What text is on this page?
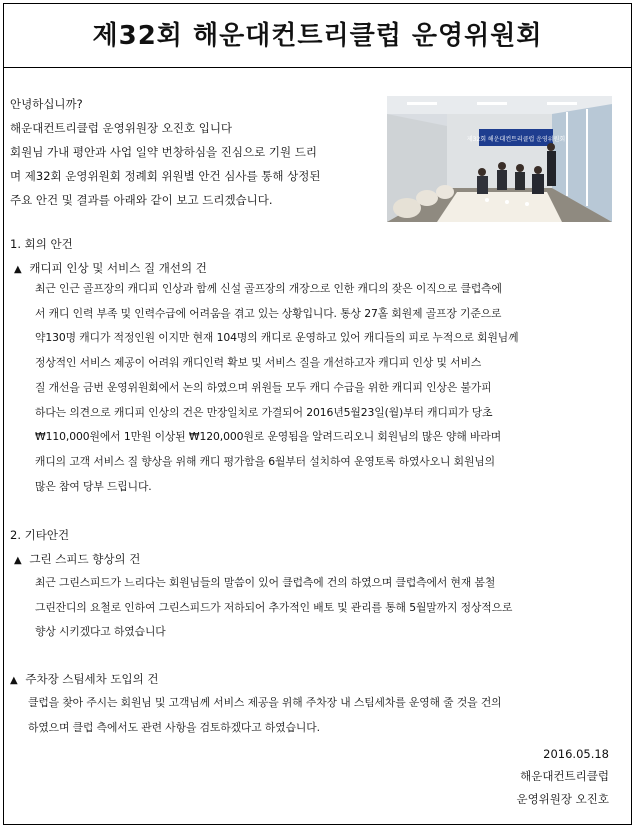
제32회 해운대컨트리클럽 운영위원회
안녕하십니까?
해운대컨트리클럽 운영위원장 오진호 입니다
회원님 가내 평안과 사업 일약 번창하심을 진심으로 기원 드리
며 제32회 운영위원회 정례회 위원별 안건 심사를 통해 상정된
주요 안건 및 결과를 아래와 같이 보고 드리겠습니다.
제32회 해운대컨트리클럽 운영위원회
1. 회의 안건
▲ 캐디피 인상 및 서비스 질 개선의 건
최근 인근 골프장의 캐디피 인상과 함께 신설 골프장의 개장으로 인한 캐디의 잦은 이직으로 클럽측에
서 캐디 인력 부족 및 인력수급에 어려움을 겪고 있는 상황입니다. 통상 27홀 회원제 골프장 기준으로
약130명 캐디가 적정인원 이지만 현재 104명의 캐디로 운영하고 있어 캐디들의 피로 누적으로 회원님께
정상적인 서비스 제공이 어려워 캐디인력 확보 및 서비스 질을 개선하고자 캐디피 인상 및 서비스
질 개선을 금번 운영위원회에서 논의 하였으며 위원들 모두 캐디 수급을 위한 캐디피 인상은 불가피
하다는 의견으로 캐디피 인상의 건은 만장일치로 가결되어 2016년5월23일(월)부터 캐디피가 당초
₩110,000원에서 1만원 이상된 ₩120,000원로 운영됨을 알려드리오니 회원님의 많은 양해 바라며
캐디의 고객 서비스 질 향상을 위해 캐디 평가함을 6월부터 설치하여 운영토록 하였사오니 회원님의
많은 참여 당부 드립니다.
2. 기타안건
▲ 그린 스피드 향상의 건
최근 그린스피드가 느리다는 회원님들의 말씀이 있어 클럽측에 건의 하였으며 클럽측에서 현재 봄철
그린잔디의 요철로 인하여 그린스피드가 저하되어 추가적인 배토 및 관리를 통해 5월말까지 정상적으로
향상 시키겠다고 하였습니다
▲ 주차장 스팀세차 도입의 건
클럽을 찾아 주시는 회원님 및 고객님께 서비스 제공을 위해 주차장 내 스팀세차를 운영해 줄 것을 건의
하였으며 클럽 측에서도 관련 사항을 검토하겠다고 하였습니다.
2016.05.18
해운대컨트리클럽
운영위원장 오진호
